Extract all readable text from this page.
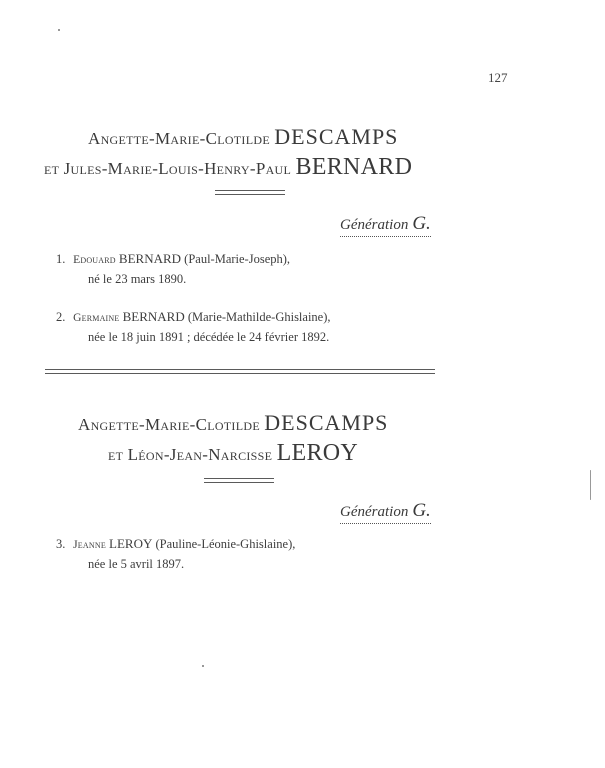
127
Angette-Marie-Clotilde DESCAMPS
et Jules-Marie-Louis-Henry-Paul BERNARD
Génération G.
1. Edouard BERNARD (Paul-Marie-Joseph),
né le 23 mars 1890.
2. Germaine BERNARD (Marie-Mathilde-Ghislaine),
née le 18 juin 1891 ; décédée le 24 février 1892.
Angette-Marie-Clotilde DESCAMPS
et Léon-Jean-Narcisse LEROY
Génération G.
3. Jeanne LEROY (Pauline-Léonie-Ghislaine),
née le 5 avril 1897.
